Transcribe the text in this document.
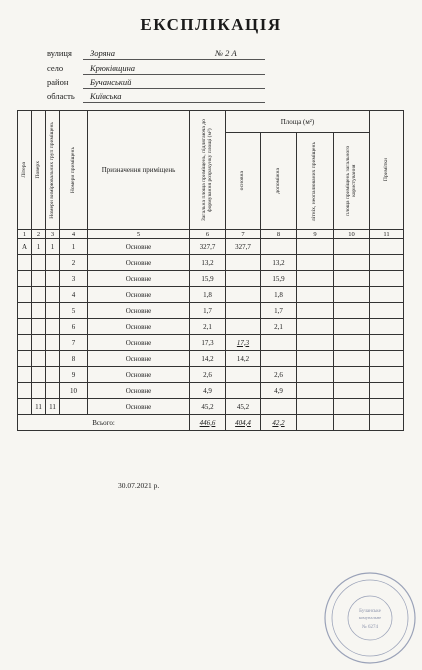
ЕКСПЛІКАЦІЯ
вулиця Зоряна	№ 2 А
село	Крюківщина
район	Бучанський
область Київська
Літера	Поверх	Номери вимірювальних груп приміщень	Номери приміщень	Призначення приміщень	Загальна площа приміщень, підлягаюча до формування розрахунку площі (м²)	Площа (м²)				Примітки

						основна	допоміжна	літніх, неопалюваних приміщень	площа приміщень загального користування	

1	2	3	4	5	6	7	8	9	10	11
А	1	1	1	Основне	327,7	327,7				
			2	Основне	13,2		13,2			
			3	Основне	15,9		15,9			
			4	Основне	1,8		1,8			
			5	Основне	1,7		1,7			
			6	Основне	2,1		2,1			
			7	Основне	17,3	17,3				
			8	Основне	14,2	14,2				
			9	Основне	2,6		2,6			
			10	Основне	4,9		4,9			
	11	11		Основне	45,2	45,2				
Всього:					446,6	404,4	42,2			
30.07.2021 р.
Бучанське
комунальне
№ 6274
